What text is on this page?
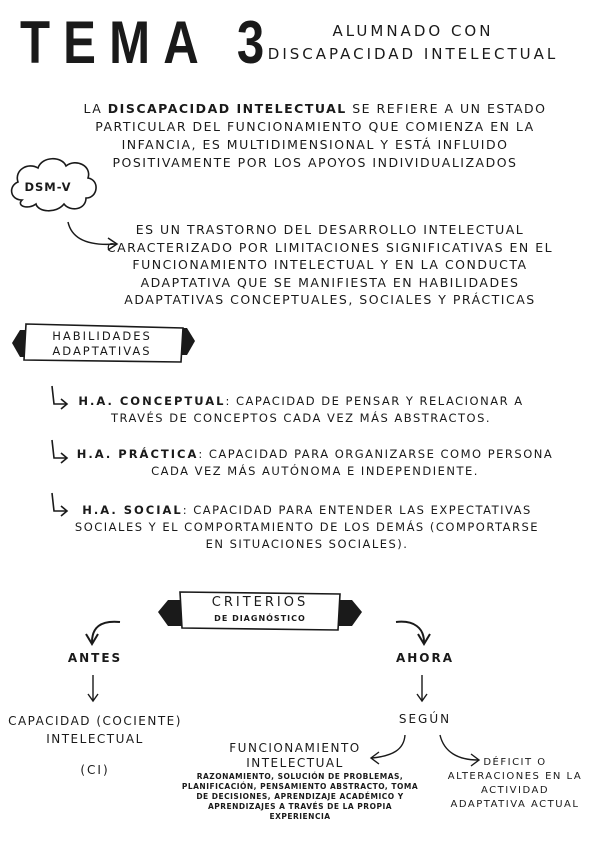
TEMA 3	ALUMNADO CON
DISCAPACIDAD INTELECTUAL
LA DISCAPACIDAD INTELECTUAL SE REFIERE A UN ESTADO PARTICULAR DEL FUNCIONAMIENTO QUE COMIENZA EN LA INFANCIA, ES MULTIDIMENSIONAL Y ESTÁ INFLUIDO POSITIVAMENTE POR LOS APOYOS INDIVIDUALIZADOS
DSM-V
ES UN TRASTORNO DEL DESARROLLO INTELECTUAL CARACTERIZADO POR LIMITACIONES SIGNIFICATIVAS EN EL FUNCIONAMIENTO INTELECTUAL Y EN LA CONDUCTA ADAPTATIVA QUE SE MANIFIESTA EN HABILIDADES ADAPTATIVAS CONCEPTUALES, SOCIALES Y PRÁCTICAS
HABILIDADES
ADAPTATIVAS
H.A. CONCEPTUAL: CAPACIDAD DE PENSAR Y RELACIONAR A TRAVÉS DE CONCEPTOS CADA VEZ MÁS ABSTRACTOS.
H.A. PRÁCTICA: CAPACIDAD PARA ORGANIZARSE COMO PERSONA CADA VEZ MÁS AUTÓNOMA E INDEPENDIENTE.
H.A. SOCIAL: CAPACIDAD PARA ENTENDER LAS EXPECTATIVAS SOCIALES Y EL COMPORTAMIENTO DE LOS DEMÁS (COMPORTARSE EN SITUACIONES SOCIALES).
CRITERIOS
DE DIAGNÓSTICO
ANTES	AHORA
CAPACIDAD (COCIENTE) INTELECTUAL
(CI)
SEGÚN
FUNCIONAMIENTO INTELECTUAL
RAZONAMIENTO, SOLUCIÓN DE PROBLEMAS, PLANIFICACIÓN, PENSAMIENTO ABSTRACTO, TOMA DE DECISIONES, APRENDIZAJE ACADÉMICO Y APRENDIZAJES A TRAVÉS DE LA PROPIA EXPERIENCIA
DÉFICIT O ALTERACIONES EN LA ACTIVIDAD ADAPTATIVA ACTUAL
